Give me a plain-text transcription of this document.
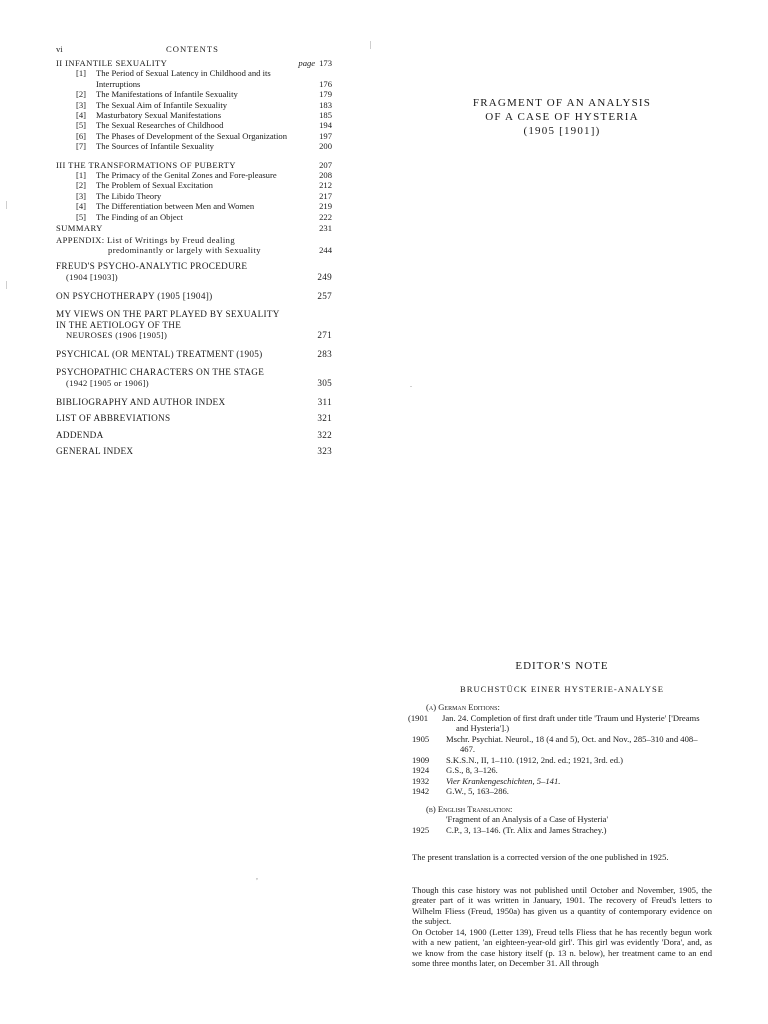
vi	CONTENTS
II INFANTILE SEXUALITY	page 173
[1] The Period of Sexual Latency in Childhood and its Interruptions	176
[2] The Manifestations of Infantile Sexuality	179
[3] The Sexual Aim of Infantile Sexuality	183
[4] Masturbatory Sexual Manifestations	185
[5] The Sexual Researches of Childhood	194
[6] The Phases of Development of the Sexual Organization	197
[7] The Sources of Infantile Sexuality	200
III THE TRANSFORMATIONS OF PUBERTY	207
[1] The Primacy of the Genital Zones and Fore-pleasure	208
[2] The Problem of Sexual Excitation	212
[3] The Libido Theory	217
[4] The Differentiation between Men and Women	219
[5] The Finding of an Object	222
SUMMARY	231
APPENDIX: List of Writings by Freud dealing predominantly or largely with Sexuality	244
FREUD'S PSYCHO-ANALYTIC PROCEDURE
(1904 [1903])	249
ON PSYCHOTHERAPY (1905 [1904])	257
MY VIEWS ON THE PART PLAYED BY SEXUALITY IN THE AETIOLOGY OF THE
NEUROSES (1906 [1905])	271
PSYCHICAL (OR MENTAL) TREATMENT (1905)	283
PSYCHOPATHIC CHARACTERS ON THE STAGE
(1942 [1905 or 1906])	305
BIBLIOGRAPHY AND AUTHOR INDEX	311
LIST OF ABBREVIATIONS	321
ADDENDA	322
GENERAL INDEX	323
FRAGMENT OF AN ANALYSIS
OF A CASE OF HYSTERIA
(1905 [1901])
EDITOR'S NOTE
BRUCHSTÜCK EINER HYSTERIE-ANALYSE
(a) German Editions:
(1901	Jan. 24. Completion of first draft under title 'Traum und Hysterie' ['Dreams and Hysteria'].)
1905	Mschr. Psychiat. Neurol., 18 (4 and 5), Oct. and Nov., 285–310 and 408–467.
1909	S.K.S.N., II, 1–110. (1912, 2nd. ed.; 1921, 3rd. ed.)
1924	G.S., 8, 3–126.
1932	Vier Krankengeschichten, 5–141.
1942	G.W., 5, 163–286.
(b) English Translation:
'Fragment of an Analysis of a Case of Hysteria'
1925	C.P., 3, 13–146. (Tr. Alix and James Strachey.)

The present translation is a corrected version of the one published in 1925.

Though this case history was not published until October and November, 1905, the greater part of it was written in January, 1901. The recovery of Freud's letters to Wilhelm Fliess (Freud, 1950a) has given us a quantity of contemporary evidence on the subject.

On October 14, 1900 (Letter 139), Freud tells Fliess that he has recently begun work with a new patient, 'an eighteen-year-old girl'. This girl was evidently 'Dora', and, as we know from the case history itself (p. 13 n. below), her treatment came to an end some three months later, on December 31. All through

|
|
|
.
,
